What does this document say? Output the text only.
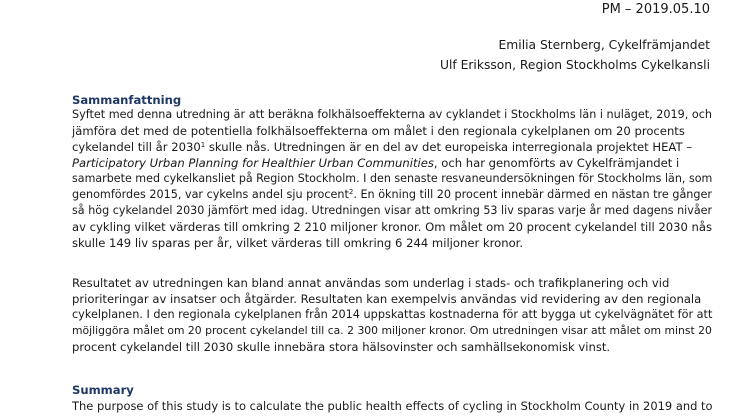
PM – 2019.05.10
Emilia Sternberg, Cykelfrämjandet
Ulf Eriksson, Region Stockholms Cykelkansli
Sammanfattning
Syftet med denna utredning är att beräkna folkhälsoeffekterna av cyklandet i Stockholms län i nuläget, 2019, och
jämföra det med de potentiella folkhälsoeffekterna om målet i den regionala cykelplanen om 20 procents
cykelandel till år 2030$^1$ skulle nås. Utredningen är en del av det europeiska interregionala projektet HEAT –
Participatory Urban Planning for Healthier Urban Communities, och har genomförts av Cykelfrämjandet i
samarbete med cykelkansliet på Region Stockholm. I den senaste resvaneundersökningen för Stockholms län, som
genomfördes 2015, var cykelns andel sju procent$^2$. En ökning till 20 procent innebär därmed en nästan tre gånger
så hög cykelandel 2030 jämfört med idag. Utredningen visar att omkring 53 liv sparas varje år med dagens nivåer
av cykling vilket värderas till omkring 2 210 miljoner kronor. Om målet om 20 procent cykelandel till 2030 nås
skulle 149 liv sparas per år, vilket värderas till omkring 6 244 miljoner kronor.
Resultatet av utredningen kan bland annat användas som underlag i stads- och trafikplanering och vid
prioriteringar av insatser och åtgärder. Resultaten kan exempelvis användas vid revidering av den regionala
cykelplanen. I den regionala cykelplanen från 2014 uppskattas kostnaderna för att bygga ut cykelvägnätet för att
möjliggöra målet om 20 procent cykelandel till ca. 2 300 miljoner kronor. Om utredningen visar att målet om minst 20
procent cykelandel till 2030 skulle innebära stora hälsovinster och samhällsekonomisk vinst.
Summary
The purpose of this study is to calculate the public health effects of cycling in Stockholm County in 2019 and to
